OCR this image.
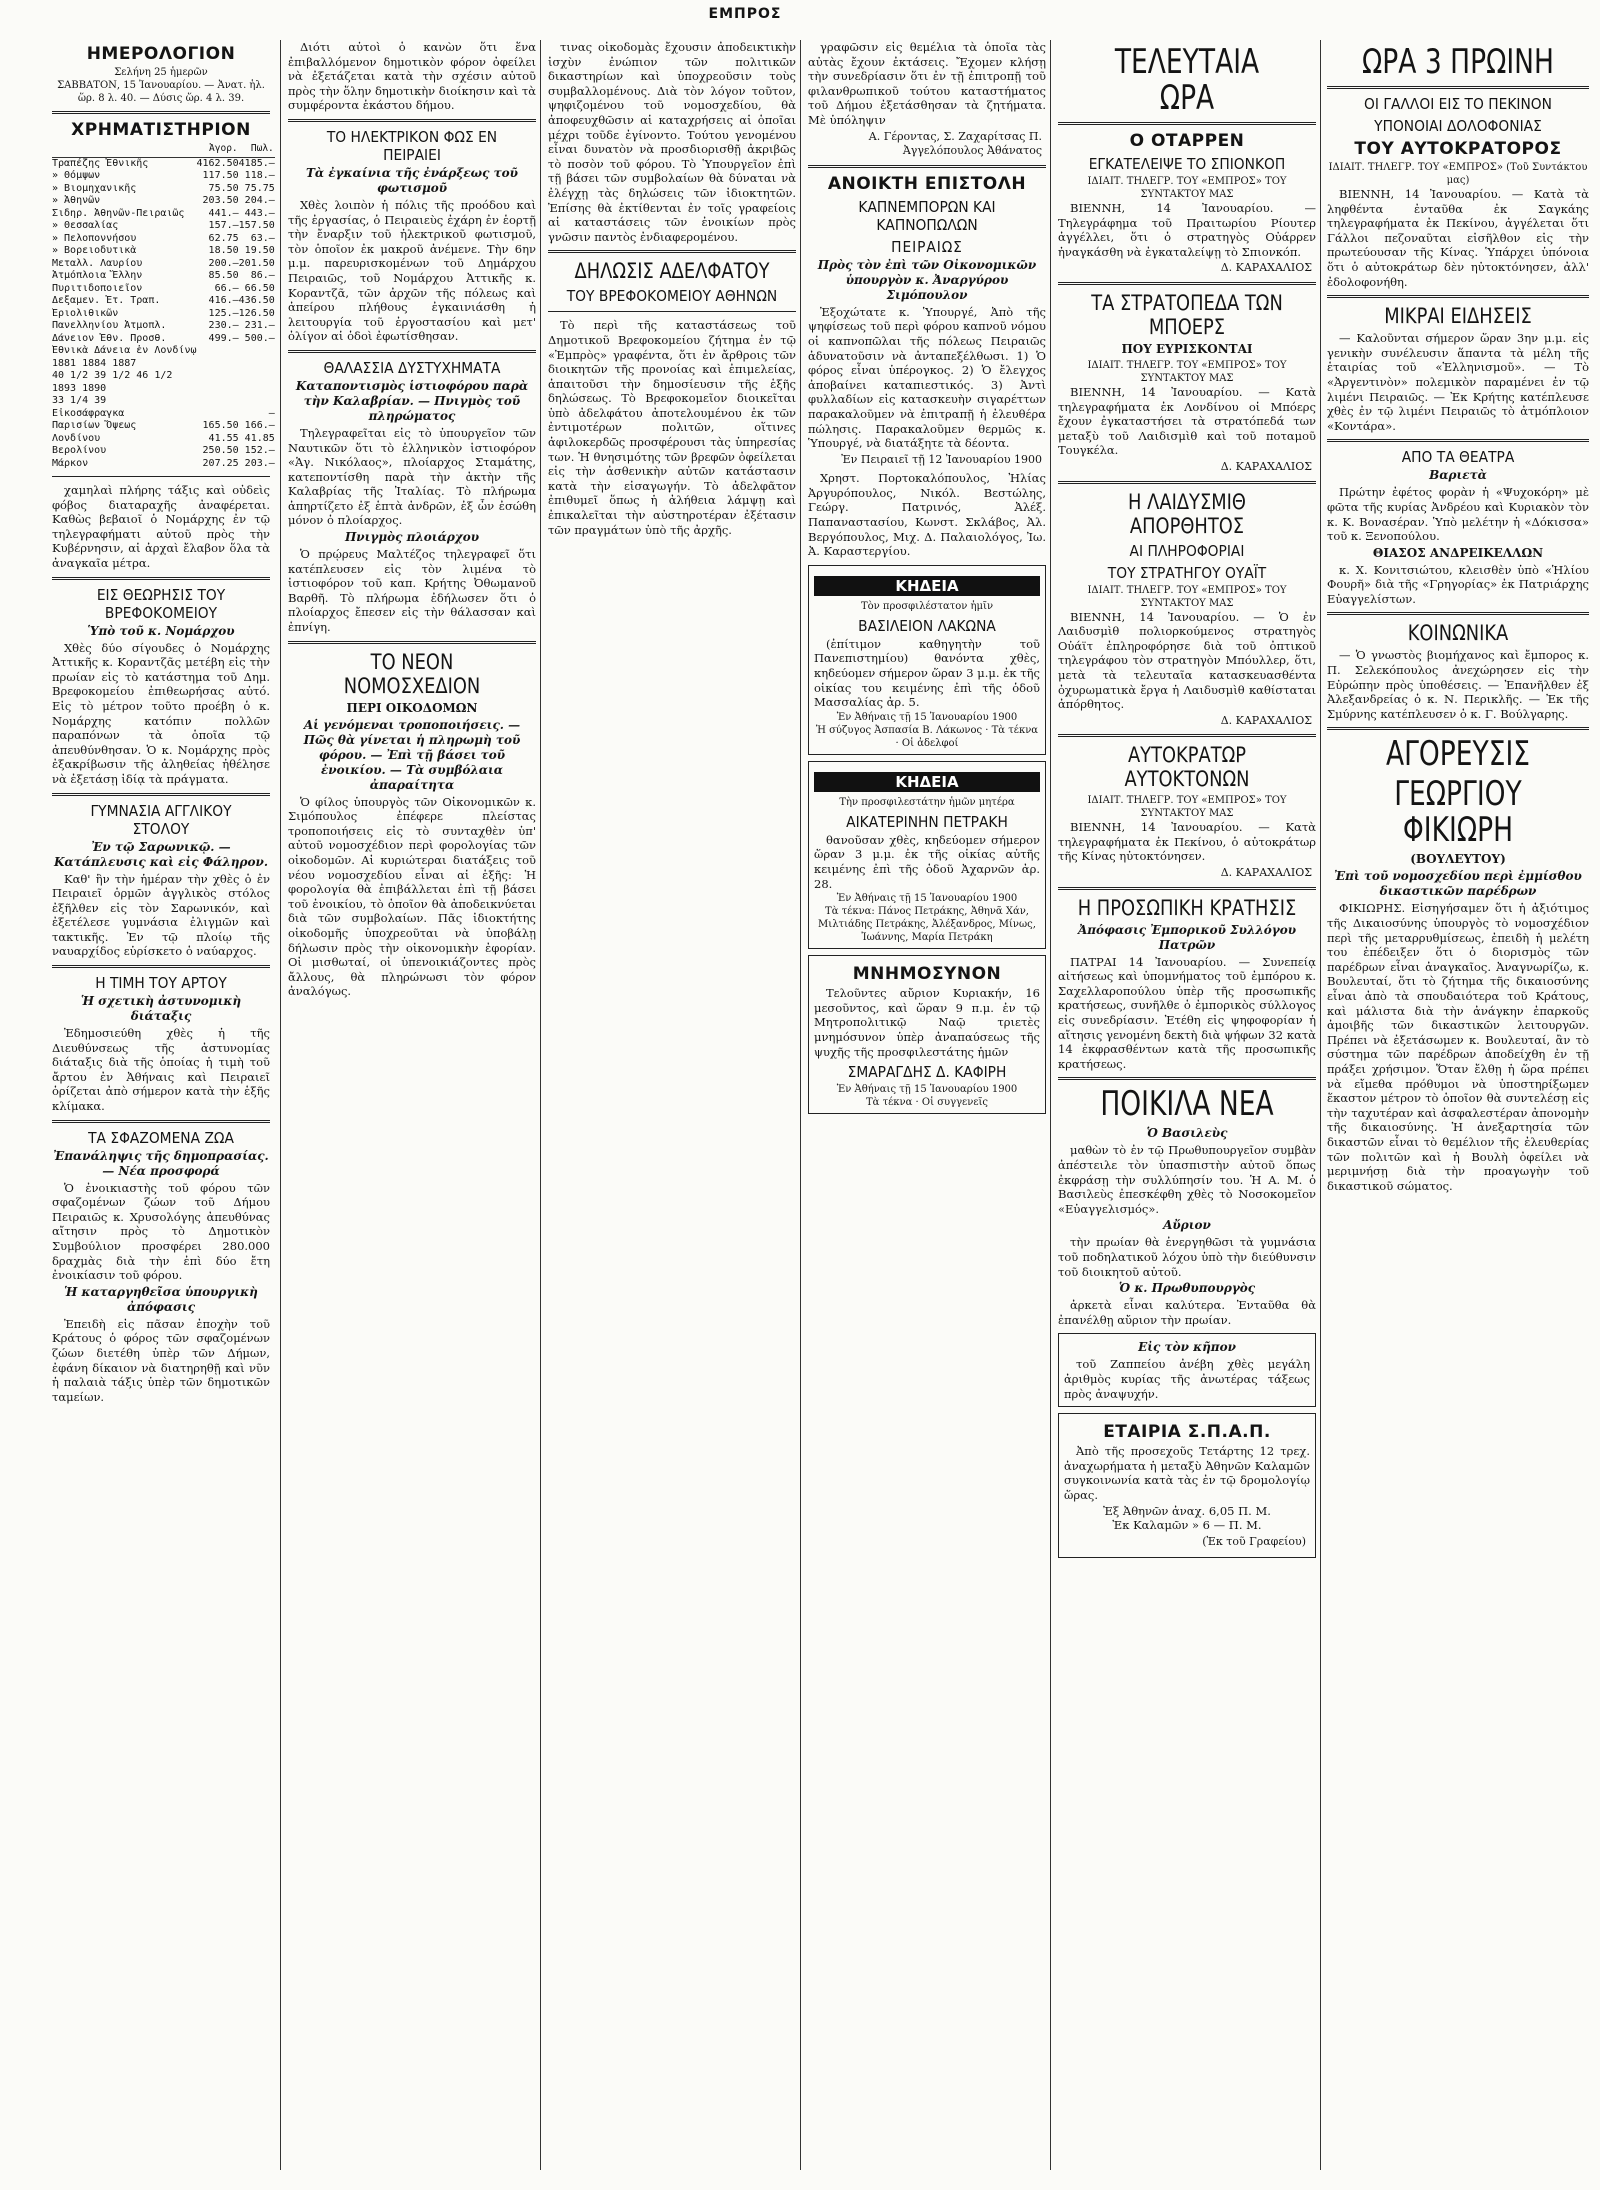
ΕΜΠΡΟΣ
ΗΜΕΡΟΛΟΓΙΟΝ
Σελήνη 25 ἡμερῶν
ΣΑΒΒΑΤΟΝ, 15 Ἰανουαρίου. — Ἀνατ. ἡλ. ὥρ. 8 λ. 40. — Δύσις ὥρ. 4 λ. 39.
ΧΡΗΜΑΤΙΣΤΗΡΙΟΝ
	Ἀγορ.	Πωλ.
Τραπέζης Ἐθνικῆς	4162.50	4185.—
» Θόμψων	117.50	118.—
» Βιομηχανικῆς	75.50	75.75
» Ἀθηνῶν	203.50	204.—
Σιδηρ. Ἀθηνῶν-Πειραιῶς	441.—	443.—
» Θεσσαλίας	157.—	157.50
» Πελοποννήσου	62.75	63.—
» Βορειοδυτικὰ	18.50	19.50
Μεταλλ. Λαυρίου	200.—	201.50
Ἀτμόπλοια Ἕλλην	85.50	86.—
Πυριτιδοποιεῖον	66.—	66.50
Δεξαμεν. Ἐτ. Τραπ.	416.—	436.50
Ἐριολιθικῶν	125.—	126.50
Πανελληνίου Ἀτμοπλ.	230.—	231.—
Δάνειον Ἐθν. Προσθ.	499.—	500.—
Ἐθνικὰ Δάνεια ἐν Λονδίνῳ		
1881 1884 1887		
40 1/2 39 1/2 46 1/2		
1893 1890		
33 1/4 39		
Εἰκοσάφραγκα		—
Παρισίων Ὄψεως	165.50	166.—
Λονδίνου	41.55	41.85
Βερολίνου	250.50	152.—
Μάρκον	207.25	203.—

χαμηλαὶ πλήρης τάξις καὶ οὐδεὶς φόβος διαταραχῆς ἀναφέρεται. Καθὼς βεβαιοῖ ὁ Νομάρχης ἐν τῷ τηλεγραφήματι αὐτοῦ πρὸς τὴν Κυβέρνησιν, αἱ ἀρχαὶ ἔλαβον ὅλα τὰ ἀναγκαῖα μέτρα.

ΕΙΣ ΘΕΩΡΗΣΙΣ ΤΟΥ ΒΡΕΦΟΚΟΜΕΙΟΥ
Ὑπὸ τοῦ κ. Νομάρχου

Χθὲς δύο σίγουδες ὁ Νομάρχης Ἀττικῆς κ. Κοραντζᾶς μετέβη εἰς τὴν πρωίαν εἰς τὸ κατάστημα τοῦ Δημ. Βρεφοκομείου ἐπιθεωρήσας αὐτό. Εἰς τὸ μέτρον τοῦτο προέβη ὁ κ. Νομάρχης κατόπιν πολλῶν παραπόνων τὰ ὁποῖα τῷ ἀπευθύνθησαν. Ὁ κ. Νομάρχης πρὸς ἐξακρίβωσιν τῆς ἀληθείας ἠθέλησε νὰ ἐξετάσῃ ἰδίᾳ τὰ πράγματα.

ΓΥΜΝΑΣΙΑ ΑΓΓΛΙΚΟΥ ΣΤΟΛΟΥ
Ἐν τῷ Σαρωνικῷ. — Κατάπλευσις καὶ εἰς Φάληρον.

Καθ' ἣν τὴν ἡμέραν τὴν χθὲς ὁ ἐν Πειραιεῖ ὁρμῶν ἀγγλικὸς στόλος ἐξῆλθεν εἰς τὸν Σαρωνικόν, καὶ ἐξετέλεσε γυμνάσια ἐλιγμῶν καὶ τακτικῆς. Ἐν τῷ πλοίῳ τῆς ναυαρχίδος εὑρίσκετο ὁ ναύαρχος.

Η ΤΙΜΗ ΤΟΥ ΑΡΤΟΥ
Ἡ σχετικὴ ἀστυνομικὴ διάταξις

Ἐδημοσιεύθη χθὲς ἡ τῆς Διευθύνσεως τῆς ἀστυνομίας διάταξις διὰ τῆς ὁποίας ἡ τιμὴ τοῦ ἄρτου ἐν Ἀθήναις καὶ Πειραιεῖ ὁρίζεται ἀπὸ σήμερον κατὰ τὴν ἑξῆς κλίμακα.

ΤΑ ΣΦΑΖΟΜΕΝΑ ΖΩΑ
Ἐπανάληψις τῆς δημοπρασίας. — Νέα προσφορά

Ὁ ἐνοικιαστὴς τοῦ φόρου τῶν σφαζομένων ζώων τοῦ Δήμου Πειραιῶς κ. Χρυσολόγης ἀπευθύνας αἴτησιν πρὸς τὸ Δημοτικὸν Συμβούλιον προσφέρει 280.000 δραχμὰς διὰ τὴν ἐπὶ δύο ἔτη ἐνοικίασιν τοῦ φόρου.

Ἡ καταργηθεῖσα ὑπουργικὴ ἀπόφασις

Ἐπειδὴ εἰς πᾶσαν ἐποχὴν τοῦ Κράτους ὁ φόρος τῶν σφαζομένων ζώων διετέθη ὑπὲρ τῶν Δήμων, ἐφάνη δίκαιον νὰ διατηρηθῇ καὶ νῦν ἡ παλαιὰ τάξις ὑπὲρ τῶν δημοτικῶν ταμείων.

Διότι αὐτοὶ ὁ κανὼν ὅτι ἕνα ἐπιβαλλόμενον δημοτικὸν φόρον ὀφείλει νὰ ἐξετάζεται κατὰ τὴν σχέσιν αὐτοῦ πρὸς τὴν ὅλην δημοτικὴν διοίκησιν καὶ τὰ συμφέροντα ἑκάστου δήμου.

ΤΟ ΗΛΕΚΤΡΙΚΟΝ ΦΩΣ ΕΝ ΠΕΙΡΑΙΕΙ
Τὰ ἐγκαίνια τῆς ἐνάρξεως τοῦ φωτισμοῦ

Χθὲς λοιπὸν ἡ πόλις τῆς προόδου καὶ τῆς ἐργασίας, ὁ Πειραιεὺς ἐχάρη ἐν ἑορτῇ τὴν ἔναρξιν τοῦ ἠλεκτρικοῦ φωτισμοῦ, τὸν ὁποῖον ἐκ μακροῦ ἀνέμενε. Τὴν 6ην μ.μ. παρευρισκομένων τοῦ Δημάρχου Πειραιῶς, τοῦ Νομάρχου Ἀττικῆς κ. Κοραντζᾶ, τῶν ἀρχῶν τῆς πόλεως καὶ ἀπείρου πλήθους ἐγκαινιάσθη ἡ λειτουργία τοῦ ἐργοστασίου καὶ μετ' ὀλίγον αἱ ὁδοὶ ἐφωτίσθησαν.

ΘΑΛΑΣΣΙΑ ΔΥΣΤΥΧΗΜΑΤΑ
Καταποντισμὸς ἱστιοφόρου παρὰ τὴν Καλαβρίαν. — Πνιγμὸς τοῦ πληρώματος

Τηλεγραφεῖται εἰς τὸ ὑπουργεῖον τῶν Ναυτικῶν ὅτι τὸ ἑλληνικὸν ἱστιοφόρον «Ἁγ. Νικόλαος», πλοίαρχος Σταμάτης, κατεποντίσθη παρὰ τὴν ἀκτὴν τῆς Καλαβρίας τῆς Ἰταλίας. Τὸ πλήρωμα ἀπηρτίζετο ἐξ ἑπτὰ ἀνδρῶν, ἐξ ὧν ἐσώθη μόνον ὁ πλοίαρχος.

Πνιγμὸς πλοιάρχου

Ὁ πρῴρευς Μαλτέζος τηλεγραφεῖ ὅτι κατέπλευσεν εἰς τὸν λιμένα τὸ ἱστιοφόρον τοῦ καπ. Κρήτης Ὀθωμανοῦ Βαρθῆ. Τὸ πλήρωμα ἐδήλωσεν ὅτι ὁ πλοίαρχος ἔπεσεν εἰς τὴν θάλασσαν καὶ ἐπνίγη.

ΤΟ ΝΕΟΝ ΝΟΜΟΣΧΕΔΙΟΝ
ΠΕΡΙ ΟΙΚΟΔΟΜΩΝ
Αἱ γενόμεναι τροποποιήσεις. — Πῶς θὰ γίνεται ἡ πληρωμὴ τοῦ φόρου. — Ἐπὶ τῇ βάσει τοῦ ἐνοικίου. — Τὰ συμβόλαια ἀπαραίτητα

Ὁ φίλος ὑπουργὸς τῶν Οἰκονομικῶν κ. Σιμόπουλος ἐπέφερε πλείστας τροποποιήσεις εἰς τὸ συνταχθὲν ὑπ' αὐτοῦ νομοσχέδιον περὶ φορολογίας τῶν οἰκοδομῶν. Αἱ κυριώτεραι διατάξεις τοῦ νέου νομοσχεδίου εἶναι αἱ ἑξῆς: Ἡ φορολογία θὰ ἐπιβάλλεται ἐπὶ τῇ βάσει τοῦ ἐνοικίου, τὸ ὁποῖον θὰ ἀποδεικνύεται διὰ τῶν συμβολαίων. Πᾶς ἰδιοκτήτης οἰκοδομῆς ὑποχρεοῦται νὰ ὑποβάλῃ δήλωσιν πρὸς τὴν οἰκονομικὴν ἐφορίαν. Οἱ μισθωταί, οἱ ὑπενοικιάζοντες πρὸς ἄλλους, θὰ πληρώνωσι τὸν φόρον ἀναλόγως.

τινας οἰκοδομὰς ἔχουσιν ἀποδεικτικὴν ἰσχὺν ἐνώπιον τῶν πολιτικῶν δικαστηρίων καὶ ὑποχρεοῦσιν τοὺς συμβαλλομένους. Διὰ τὸν λόγον τοῦτον, ψηφιζομένου τοῦ νομοσχεδίου, θὰ ἀποφευχθῶσιν αἱ καταχρήσεις αἱ ὁποῖαι μέχρι τοῦδε ἐγίνοντο. Τούτου γενομένου εἶναι δυνατὸν νὰ προσδιορισθῇ ἀκριβῶς τὸ ποσὸν τοῦ φόρου. Τὸ Ὑπουργεῖον ἐπὶ τῇ βάσει τῶν συμβολαίων θὰ δύναται νὰ ἐλέγχῃ τὰς δηλώσεις τῶν ἰδιοκτητῶν. Ἐπίσης θὰ ἐκτίθενται ἐν τοῖς γραφείοις αἱ καταστάσεις τῶν ἐνοικίων πρὸς γνῶσιν παντὸς ἐνδιαφερομένου.

ΔΗΛΩΣΙΣ ΑΔΕΛΦΑΤΟΥ
ΤΟΥ ΒΡΕΦΟΚΟΜΕΙΟΥ ΑΘΗΝΩΝ

Τὸ περὶ τῆς καταστάσεως τοῦ Δημοτικοῦ Βρεφοκομείου ζήτημα ἐν τῷ «Ἐμπρὸς» γραφέντα, ὅτι ἐν ἄρθροις τῶν διοικητῶν τῆς προνοίας καὶ ἐπιμελείας, ἀπαιτοῦσι τὴν δημοσίευσιν τῆς ἑξῆς δηλώσεως. Τὸ Βρεφοκομεῖον διοικεῖται ὑπὸ ἀδελφάτου ἀποτελουμένου ἐκ τῶν ἐντιμοτέρων πολιτῶν, οἵτινες ἀφιλοκερδῶς προσφέρουσι τὰς ὑπηρεσίας των. Ἡ θνησιμότης τῶν βρεφῶν ὀφείλεται εἰς τὴν ἀσθενικὴν αὐτῶν κατάστασιν κατὰ τὴν εἰσαγωγήν. Τὸ ἀδελφᾶτον ἐπιθυμεῖ ὅπως ἡ ἀλήθεια λάμψῃ καὶ ἐπικαλεῖται τὴν αὐστηροτέραν ἐξέτασιν τῶν πραγμάτων ὑπὸ τῆς ἀρχῆς.

γραφῶσιν εἰς θεμέλια τὰ ὁποῖα τὰς αὐτὰς ἔχουν ἐκτάσεις. Ἔχομεν κλήσῃ τὴν συνεδρίασιν ὅτι ἐν τῇ ἐπιτροπῇ τοῦ φιλανθρωπικοῦ τούτου καταστήματος τοῦ Δήμου ἐξετάσθησαν τὰ ζητήματα. Μὲ ὑπόληψιν

Α. Γέροντας, Σ. Ζαχαρίτσας Π. Ἀγγελόπουλος Ἀθάνατος
ΑΝΟΙΚΤΗ ΕΠΙΣΤΟΛΗ
ΚΑΠΝΕΜΠΟΡΩΝ ΚΑΙ ΚΑΠΝΟΠΩΛΩΝ
ΠΕΙΡΑΙΩΣ
Πρὸς τὸν ἐπὶ τῶν Οἰκονομικῶν ὑπουργὸν κ. Ἀναργύρου Σιμόπουλον

Ἐξοχώτατε κ. Ὑπουργέ, Ἀπὸ τῆς ψηφίσεως τοῦ περὶ φόρου καπνοῦ νόμου οἱ καπνοπῶλαι τῆς πόλεως Πειραιῶς ἀδυνατοῦσιν νὰ ἀνταπεξέλθωσι. 1) Ὁ φόρος εἶναι ὑπέρογκος. 2) Ὁ ἔλεγχος ἀποβαίνει καταπιεστικός. 3) Ἀντὶ φυλλαδίων εἰς κατασκευὴν σιγαρέττων παρακαλοῦμεν νὰ ἐπιτραπῇ ἡ ἐλευθέρα πώλησις. Παρακαλοῦμεν θερμῶς κ. Ὑπουργέ, νὰ διατάξητε τὰ δέοντα.

Ἐν Πειραιεῖ τῇ 12 Ἰανουαρίου 1900

Χρηστ. Πορτοκαλόπουλος, Ἠλίας Ἀργυρόπουλος, Νικόλ. Βεστώλης, Γεώργ. Πατρινός, Ἀλέξ. Παπαναστασίου, Κωνστ. Σκλάβος, Ἀλ. Βεργόπουλος, Μιχ. Δ. Παλαιολόγος, Ἰω. Ἀ. Καραστεργίου.

ΚΗΔΕΙΑ
Τὸν προσφιλέστατον ἡμῖν
ΒΑΣΙΛΕΙΟΝ ΛΑΚΩΝΑ

(ἐπίτιμον καθηγητὴν τοῦ Πανεπιστημίου) θανόντα χθὲς, κηδεύομεν σήμερον ὥραν 3 μ.μ. ἐκ τῆς οἰκίας του κειμένης ἐπὶ τῆς ὁδοῦ Μασσαλίας ἀρ. 5.

Ἐν Ἀθήναις τῇ 15 Ἰανουαρίου 1900
Ἡ σύζυγος Ἀσπασία Β. Λάκωνος · Τὰ τέκνα · Οἱ ἀδελφοί
ΚΗΔΕΙΑ
Τὴν προσφιλεστάτην ἡμῶν μητέρα
ΑΙΚΑΤΕΡΙΝΗΝ ΠΕΤΡΑΚΗ

θανοῦσαν χθὲς, κηδεύομεν σήμερον ὥραν 3 μ.μ. ἐκ τῆς οἰκίας αὐτῆς κειμένης ἐπὶ τῆς ὁδοῦ Ἀχαρνῶν ἀρ. 28.

Ἐν Ἀθήναις τῇ 15 Ἰανουαρίου 1900
Τὰ τέκνα: Πάνος Πετράκης, Ἀθηνᾶ Χάν, Μιλτιάδης Πετράκης, Ἀλέξανδρος, Μίνως, Ἰωάννης, Μαρία Πετράκη
ΜΝΗΜΟΣΥΝΟΝ

Τελοῦντες αὔριον Κυριακήν, 16 μεσοῦντος, καὶ ὥραν 9 π.μ. ἐν τῷ Μητροπολιτικῷ Ναῷ τριετὲς μνημόσυνον ὑπὲρ ἀναπαύσεως τῆς ψυχῆς τῆς προσφιλεστάτης ἡμῶν

ΣΜΑΡΑΓΔΗΣ Δ. ΚΑΦΙΡΗ
Ἐν Ἀθήναις τῇ 15 Ἰανουαρίου 1900
Τὰ τέκνα · Οἱ συγγενεῖς
ΤΕΛΕΥΤΑΙΑ ΩΡΑ
Ο ΟΤΑΡΡΕΝ
ΕΓΚΑΤΕΛΕΙΨΕ ΤΟ ΣΠΙΟΝΚΟΠ
ΙΔΙΑΙΤ. ΤΗΛΕΓΡ. ΤΟΥ «ΕΜΠΡΟΣ» ΤΟΥ ΣΥΝΤΑΚΤΟΥ ΜΑΣ

ΒΙΕΝΝΗ, 14 Ἰανουαρίου. — Τηλεγράφημα τοῦ Πραιτωρίου Ρίουτερ ἀγγέλλει, ὅτι ὁ στρατηγὸς Οὐάρρεν ἠναγκάσθη νὰ ἐγκαταλείψῃ τὸ Σπιονκόπ.

Δ. ΚΑΡΑΧΑΛΙΟΣ
ΤΑ ΣΤΡΑΤΟΠΕΔΑ ΤΩΝ ΜΠΟΕΡΣ
ΠΟΥ ΕΥΡΙΣΚΟΝΤΑΙ
ΙΔΙΑΙΤ. ΤΗΛΕΓΡ. ΤΟΥ «ΕΜΠΡΟΣ» ΤΟΥ ΣΥΝΤΑΚΤΟΥ ΜΑΣ

ΒΙΕΝΝΗ, 14 Ἰανουαρίου. — Κατὰ τηλεγραφήματα ἐκ Λονδίνου οἱ Μπόερς ἔχουν ἐγκαταστήσει τὰ στρατόπεδά των μεταξὺ τοῦ Λαιδισμὶθ καὶ τοῦ ποταμοῦ Τουγκέλα.

Δ. ΚΑΡΑΧΑΛΙΟΣ
Η ΛΑΙΔΥΣΜΙΘ ΑΠΟΡΘΗΤΟΣ
ΑΙ ΠΛΗΡΟΦΟΡΙΑΙ
ΤΟΥ ΣΤΡΑΤΗΓΟΥ ΟΥΑΪΤ
ΙΔΙΑΙΤ. ΤΗΛΕΓΡ. ΤΟΥ «ΕΜΠΡΟΣ» ΤΟΥ ΣΥΝΤΑΚΤΟΥ ΜΑΣ

ΒΙΕΝΝΗ, 14 Ἰανουαρίου. — Ὁ ἐν Λαιδυσμὶθ πολιορκούμενος στρατηγὸς Οὐάϊτ ἐπληροφόρησε διὰ τοῦ ὀπτικοῦ τηλεγράφου τὸν στρατηγὸν Μπόυλλερ, ὅτι, μετὰ τὰ τελευταῖα κατασκευασθέντα ὀχυρωματικὰ ἔργα ἡ Λαιδυσμὶθ καθίσταται ἀπόρθητος.

Δ. ΚΑΡΑΧΑΛΙΟΣ
ΑΥΤΟΚΡΑΤΩΡ ΑΥΤΟΚΤΟΝΩΝ
ΙΔΙΑΙΤ. ΤΗΛΕΓΡ. ΤΟΥ «ΕΜΠΡΟΣ» ΤΟΥ ΣΥΝΤΑΚΤΟΥ ΜΑΣ

ΒΙΕΝΝΗ, 14 Ἰανουαρίου. — Κατὰ τηλεγραφήματα ἐκ Πεκίνου, ὁ αὐτοκράτωρ τῆς Κίνας ηὐτοκτόνησεν.

Δ. ΚΑΡΑΧΑΛΙΟΣ
Η ΠΡΟΣΩΠΙΚΗ ΚΡΑΤΗΣΙΣ
Ἀπόφασις Ἐμπορικοῦ Συλλόγου Πατρῶν

ΠΑΤΡΑΙ 14 Ἰανουαρίου. — Συνεπείᾳ αἰτήσεως καὶ ὑπομνήματος τοῦ ἐμπόρου κ. Σαχελλαροπούλου ὑπὲρ τῆς προσωπικῆς κρατήσεως, συνῆλθε ὁ ἐμπορικὸς σύλλογος εἰς συνεδρίασιν. Ἐτέθη εἰς ψηφοφορίαν ἡ αἴτησις γενομένη δεκτὴ διὰ ψήφων 32 κατὰ 14 ἐκφρασθέντων κατὰ τῆς προσωπικῆς κρατήσεως.

ΠΟΙΚΙΛΑ ΝΕΑ
Ὁ Βασιλεὺς

μαθὼν τὸ ἐν τῷ Πρωθυπουργεῖον συμβὰν ἀπέστειλε τὸν ὑπασπιστὴν αὐτοῦ ὅπως ἐκφράσῃ τὴν συλλύπησίν του. Ἡ Α. Μ. ὁ Βασιλεὺς ἐπεσκέφθη χθὲς τὸ Νοσοκομεῖον «Εὐαγγελισμός».

Αὔριον

τὴν πρωίαν θὰ ἐνεργηθῶσι τὰ γυμνάσια τοῦ ποδηλατικοῦ λόχου ὑπὸ τὴν διεύθυνσιν τοῦ διοικητοῦ αὐτοῦ.

Ὁ κ. Πρωθυπουργὸς

ἀρκετὰ εἶναι καλύτερα. Ἐνταῦθα θὰ ἐπανέλθῃ αὔριον τὴν πρωίαν.

Εἰς τὸν κῆπον

τοῦ Ζαππείου ἀνέβη χθὲς μεγάλη ἀριθμὸς κυρίας τῆς ἀνωτέρας τάξεως πρὸς ἀναψυχήν.

ΕΤΑΙΡΙΑ Σ.Π.Α.Π.

Ἀπὸ τῆς προσεχοῦς Τετάρτης 12 τρεχ. ἀναχωρήματα ἡ μεταξὺ Ἀθηνῶν Καλαμῶν συγκοινωνία κατὰ τὰς ἐν τῷ δρομολογίῳ ὥρας.

Ἐξ Ἀθηνῶν ἀναχ. 6,05 Π. Μ.
Ἐκ Καλαμῶν » 6 — Π. Μ.
(Ἐκ τοῦ Γραφείου)
ΩΡΑ 3 ΠΡΩΙΝΗ
ΟΙ ΓΑΛΛΟΙ ΕΙΣ ΤΟ ΠΕΚΙΝΟΝ
ΥΠΟΝΟΙΑΙ ΔΟΛΟΦΟΝΙΑΣ
ΤΟΥ ΑΥΤΟΚΡΑΤΟΡΟΣ
ΙΔΙΑΙΤ. ΤΗΛΕΓΡ. ΤΟΥ «ΕΜΠΡΟΣ» (Τοῦ Συντάκτου μας)

ΒΙΕΝΝΗ, 14 Ἰανουαρίου. — Κατὰ τὰ ληφθέντα ἐνταῦθα ἐκ Σαγκάης τηλεγραφήματα ἐκ Πεκίνου, ἀγγέλεται ὅτι Γάλλοι πεζοναῦται εἰσῆλθον εἰς τὴν πρωτεύουσαν τῆς Κίνας. Ὑπάρχει ὑπόνοια ὅτι ὁ αὐτοκράτωρ δὲν ηὐτοκτόνησεν, ἀλλ' ἐδολοφονήθη.

ΜΙΚΡΑΙ ΕΙΔΗΣΕΙΣ

— Καλοῦνται σήμερον ὥραν 3ην μ.μ. εἰς γενικὴν συνέλευσιν ἅπαντα τὰ μέλη τῆς ἑταιρίας τοῦ «Ἑλληνισμοῦ». — Τὸ «Ἀργεντινὸν» πολεμικὸν παραμένει ἐν τῷ λιμένι Πειραιῶς. — Ἐκ Κρήτης κατέπλευσε χθὲς ἐν τῷ λιμένι Πειραιῶς τὸ ἀτμόπλοιον «Κοντάρα».

ΑΠΟ ΤΑ ΘΕΑΤΡΑ
Βαριετὰ

Πρώτην ἐφέτος φορὰν ἡ «Ψυχοκόρη» μὲ φῶτα τῆς κυρίας Ἀνδρέου καὶ Κυριακὸν τὸν κ. Κ. Βονασέραν. Ὑπὸ μελέτην ἡ «Δόκισσα» τοῦ κ. Ξενοπούλου.

ΘΙΑΣΟΣ ΑΝΔΡΕΙΚΕΛΛΩΝ

κ. Χ. Κονιτσιώτου, κλεισθὲν ὑπὸ «Ἡλίου Φουρῆ» διὰ τῆς «Γρηγορίας» ἐκ Πατριάρχης Εὐαγγελίστων.

ΚΟΙΝΩΝΙΚΑ

— Ὁ γνωστὸς βιομήχανος καὶ ἔμπορος κ. Π. Σελεκόπουλος ἀνεχώρησεν εἰς τὴν Εὐρώπην πρὸς ὑποθέσεις. — Ἐπανῆλθεν ἐξ Ἀλεξανδρείας ὁ κ. Ν. Περικλῆς. — Ἐκ τῆς Σμύρνης κατέπλευσεν ὁ κ. Γ. Βούλγαρης.

ΑΓΟΡΕΥΣΙΣ
ΓΕΩΡΓΙΟΥ ΦΙΚΙΩΡΗ
(ΒΟΥΛΕΥΤΟΥ)
Ἐπὶ τοῦ νομοσχεδίου περὶ ἐμμίσθου δικαστικῶν παρέδρων

ΦΙΚΙΩΡΗΣ. Εἰσηγήσαμεν ὅτι ἡ ἀξιότιμος τῆς Δικαιοσύνης ὑπουργὸς τὸ νομοσχέδιον περὶ τῆς μεταρρυθμίσεως, ἐπειδὴ ἡ μελέτη του ἐπέδειξεν ὅτι ὁ διορισμὸς τῶν παρέδρων εἶναι ἀναγκαῖος. Ἀναγνωρίζω, κ. Βουλευταί, ὅτι τὸ ζήτημα τῆς δικαιοσύνης εἶναι ἀπὸ τὰ σπουδαιότερα τοῦ Κράτους, καὶ μάλιστα διὰ τὴν ἀνάγκην ἐπαρκοῦς ἀμοιβῆς τῶν δικαστικῶν λειτουργῶν. Πρέπει νὰ ἐξετάσωμεν κ. Βουλευταί, ἂν τὸ σύστημα τῶν παρέδρων ἀποδείχθη ἐν τῇ πράξει χρήσιμον. Ὅταν ἔλθῃ ἡ ὥρα πρέπει νὰ εἴμεθα πρόθυμοι νὰ ὑποστηρίξωμεν ἕκαστον μέτρον τὸ ὁποῖον θὰ συντελέσῃ εἰς τὴν ταχυτέραν καὶ ἀσφαλεστέραν ἀπονομὴν τῆς δικαιοσύνης. Ἡ ἀνεξαρτησία τῶν δικαστῶν εἶναι τὸ θεμέλιον τῆς ἐλευθερίας τῶν πολιτῶν καὶ ἡ Βουλὴ ὀφείλει νὰ μεριμνήσῃ διὰ τὴν προαγωγὴν τοῦ δικαστικοῦ σώματος.
